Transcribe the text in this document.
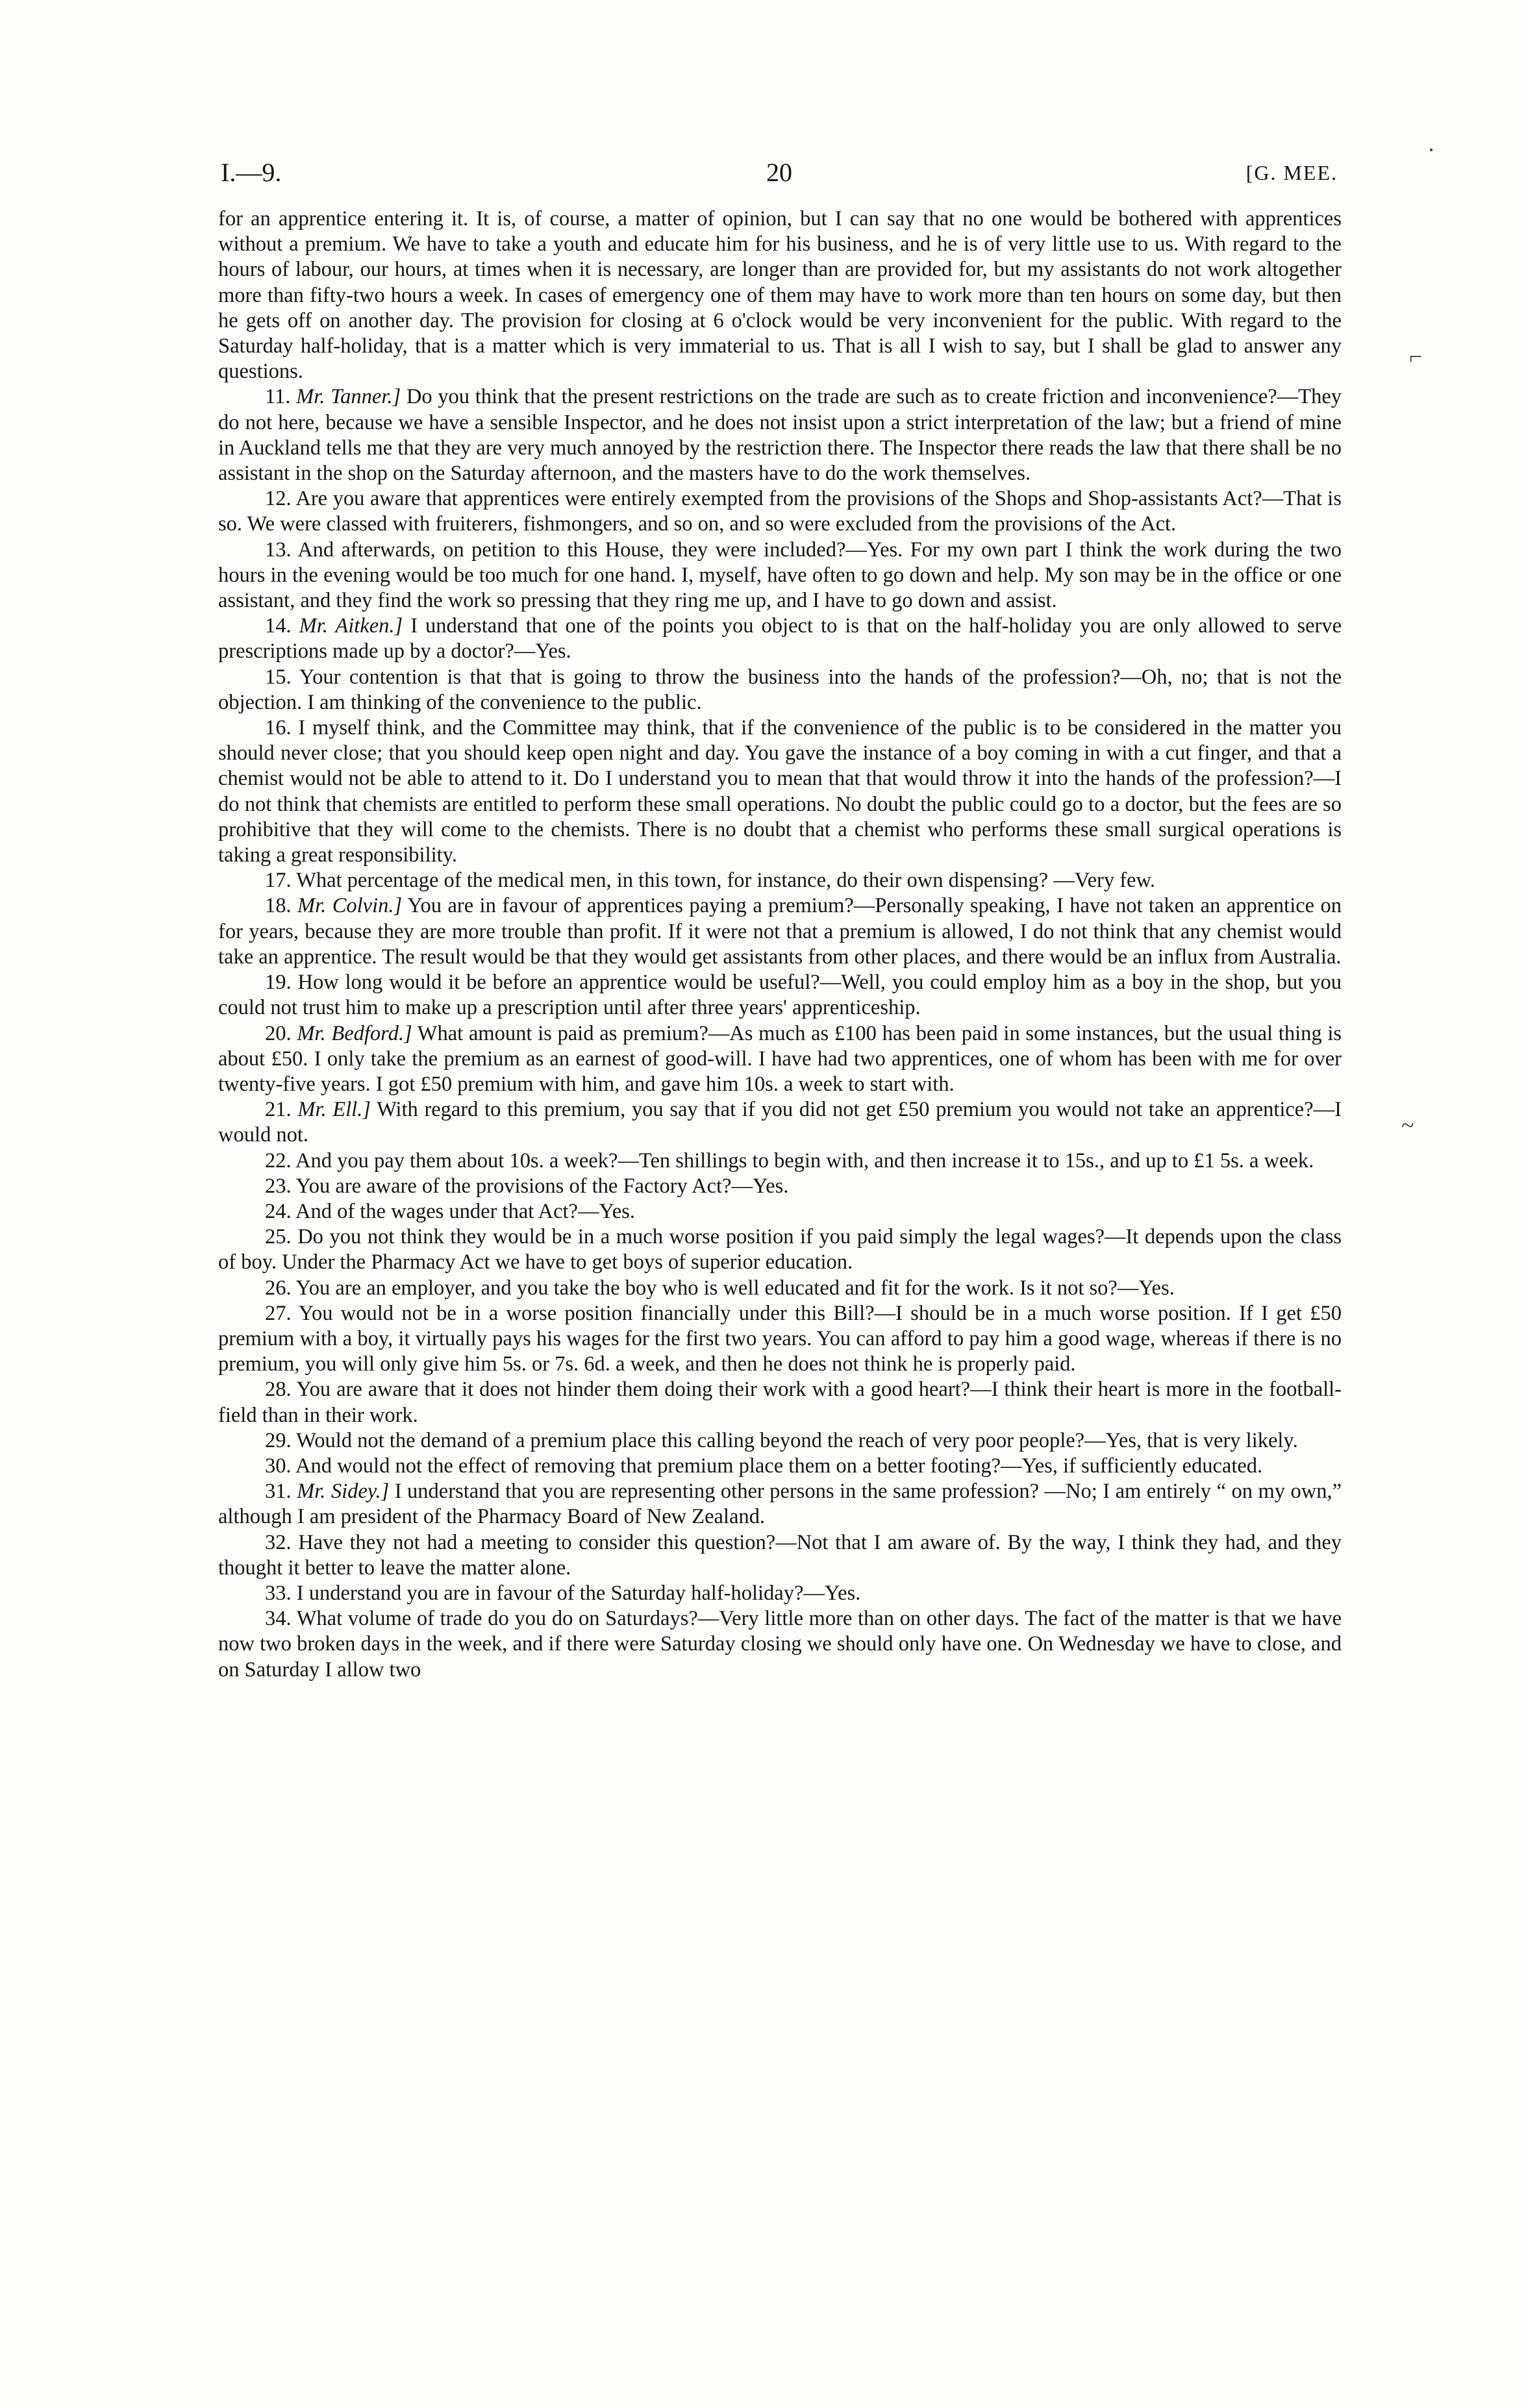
I.—9.	20	[G. MEE.
·
⌐
~

for an apprentice entering it. It is, of course, a matter of opinion, but I can say that no one would be bothered with apprentices without a premium. We have to take a youth and educate him for his business, and he is of very little use to us. With regard to the hours of labour, our hours, at times when it is necessary, are longer than are provided for, but my assistants do not work altogether more than fifty-two hours a week. In cases of emergency one of them may have to work more than ten hours on some day, but then he gets off on another day. The provision for closing at 6 o'clock would be very inconvenient for the public. With regard to the Saturday half-holiday, that is a matter which is very immaterial to us. That is all I wish to say, but I shall be glad to answer any questions.

11. Mr. Tanner.] Do you think that the present restrictions on the trade are such as to create friction and inconvenience?—They do not here, because we have a sensible Inspector, and he does not insist upon a strict interpretation of the law; but a friend of mine in Auckland tells me that they are very much annoyed by the restriction there. The Inspector there reads the law that there shall be no assistant in the shop on the Saturday afternoon, and the masters have to do the work themselves.

12. Are you aware that apprentices were entirely exempted from the provisions of the Shops and Shop-assistants Act?—That is so. We were classed with fruiterers, fishmongers, and so on, and so were excluded from the provisions of the Act.

13. And afterwards, on petition to this House, they were included?—Yes. For my own part I think the work during the two hours in the evening would be too much for one hand. I, myself, have often to go down and help. My son may be in the office or one assistant, and they find the work so pressing that they ring me up, and I have to go down and assist.

14. Mr. Aitken.] I understand that one of the points you object to is that on the half-holiday you are only allowed to serve prescriptions made up by a doctor?—Yes.

15. Your contention is that that is going to throw the business into the hands of the profession?—Oh, no; that is not the objection. I am thinking of the convenience to the public.

16. I myself think, and the Committee may think, that if the convenience of the public is to be considered in the matter you should never close; that you should keep open night and day. You gave the instance of a boy coming in with a cut finger, and that a chemist would not be able to attend to it. Do I understand you to mean that that would throw it into the hands of the profession?—I do not think that chemists are entitled to perform these small operations. No doubt the public could go to a doctor, but the fees are so prohibitive that they will come to the chemists. There is no doubt that a chemist who performs these small surgical operations is taking a great responsibility.

17. What percentage of the medical men, in this town, for instance, do their own dispensing? —Very few.

18. Mr. Colvin.] You are in favour of apprentices paying a premium?—Personally speaking, I have not taken an apprentice on for years, because they are more trouble than profit. If it were not that a premium is allowed, I do not think that any chemist would take an apprentice. The result would be that they would get assistants from other places, and there would be an influx from Australia.

19. How long would it be before an apprentice would be useful?—Well, you could employ him as a boy in the shop, but you could not trust him to make up a prescription until after three years' apprenticeship.

20. Mr. Bedford.] What amount is paid as premium?—As much as £100 has been paid in some instances, but the usual thing is about £50. I only take the premium as an earnest of good-will. I have had two apprentices, one of whom has been with me for over twenty-five years. I got £50 premium with him, and gave him 10s. a week to start with.

21. Mr. Ell.] With regard to this premium, you say that if you did not get £50 premium you would not take an apprentice?—I would not.

22. And you pay them about 10s. a week?—Ten shillings to begin with, and then increase it to 15s., and up to £1 5s. a week.

23. You are aware of the provisions of the Factory Act?—Yes.

24. And of the wages under that Act?—Yes.

25. Do you not think they would be in a much worse position if you paid simply the legal wages?—It depends upon the class of boy. Under the Pharmacy Act we have to get boys of superior education.

26. You are an employer, and you take the boy who is well educated and fit for the work. Is it not so?—Yes.

27. You would not be in a worse position financially under this Bill?—I should be in a much worse position. If I get £50 premium with a boy, it virtually pays his wages for the first two years. You can afford to pay him a good wage, whereas if there is no premium, you will only give him 5s. or 7s. 6d. a week, and then he does not think he is properly paid.

28. You are aware that it does not hinder them doing their work with a good heart?—I think their heart is more in the football-field than in their work.

29. Would not the demand of a premium place this calling beyond the reach of very poor people?—Yes, that is very likely.

30. And would not the effect of removing that premium place them on a better footing?—Yes, if sufficiently educated.

31. Mr. Sidey.] I understand that you are representing other persons in the same profession? —No; I am entirely “ on my own,” although I am president of the Pharmacy Board of New Zealand.

32. Have they not had a meeting to consider this question?—Not that I am aware of. By the way, I think they had, and they thought it better to leave the matter alone.

33. I understand you are in favour of the Saturday half-holiday?—Yes.

34. What volume of trade do you do on Saturdays?—Very little more than on other days. The fact of the matter is that we have now two broken days in the week, and if there were Saturday closing we should only have one. On Wednesday we have to close, and on Saturday I allow two
